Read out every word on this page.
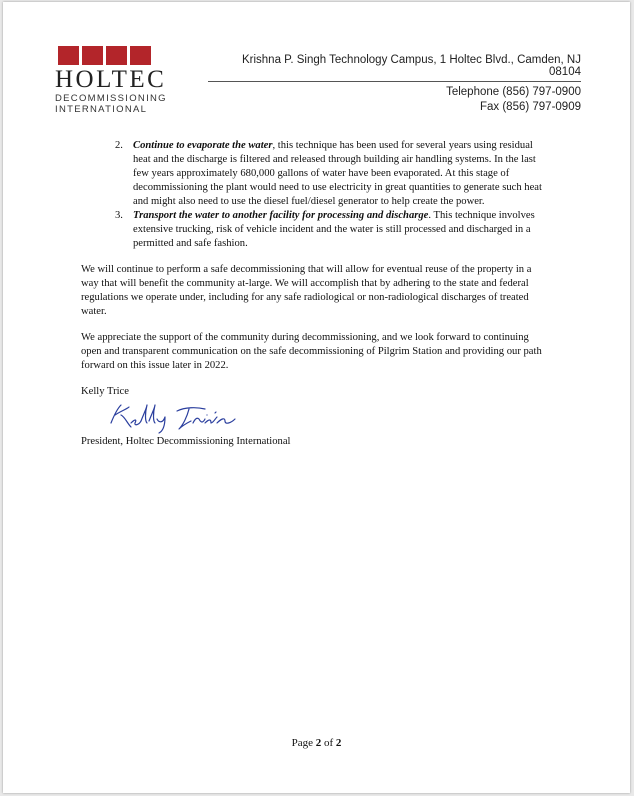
HOLTEC
DECOMMISSIONING
INTERNATIONAL
Krishna P. Singh Technology Campus, 1 Holtec Blvd., Camden, NJ 08104
Telephone (856) 797-0900
Fax (856) 797-0909
2. Continue to evaporate the water, this technique has been used for several years using residual heat and the discharge is filtered and released through building air handling systems. In the last few years approximately 680,000 gallons of water have been evaporated. At this stage of decommissioning the plant would need to use electricity in great quantities to generate such heat and might also need to use the diesel fuel/diesel generator to help create the power.
3. Transport the water to another facility for processing and discharge. This technique involves extensive trucking, risk of vehicle incident and the water is still processed and discharged in a permitted and safe fashion.

We will continue to perform a safe decommissioning that will allow for eventual reuse of the property in a way that will benefit the community at-large. We will accomplish that by adhering to the state and federal regulations we operate under, including for any safe radiological or non-radiological discharges of treated water.

We appreciate the support of the community during decommissioning, and we look forward to continuing open and transparent communication on the safe decommissioning of Pilgrim Station and providing our path forward on this issue later in 2022.

Kelly Trice

President, Holtec Decommissioning International

Page 2 of 2
